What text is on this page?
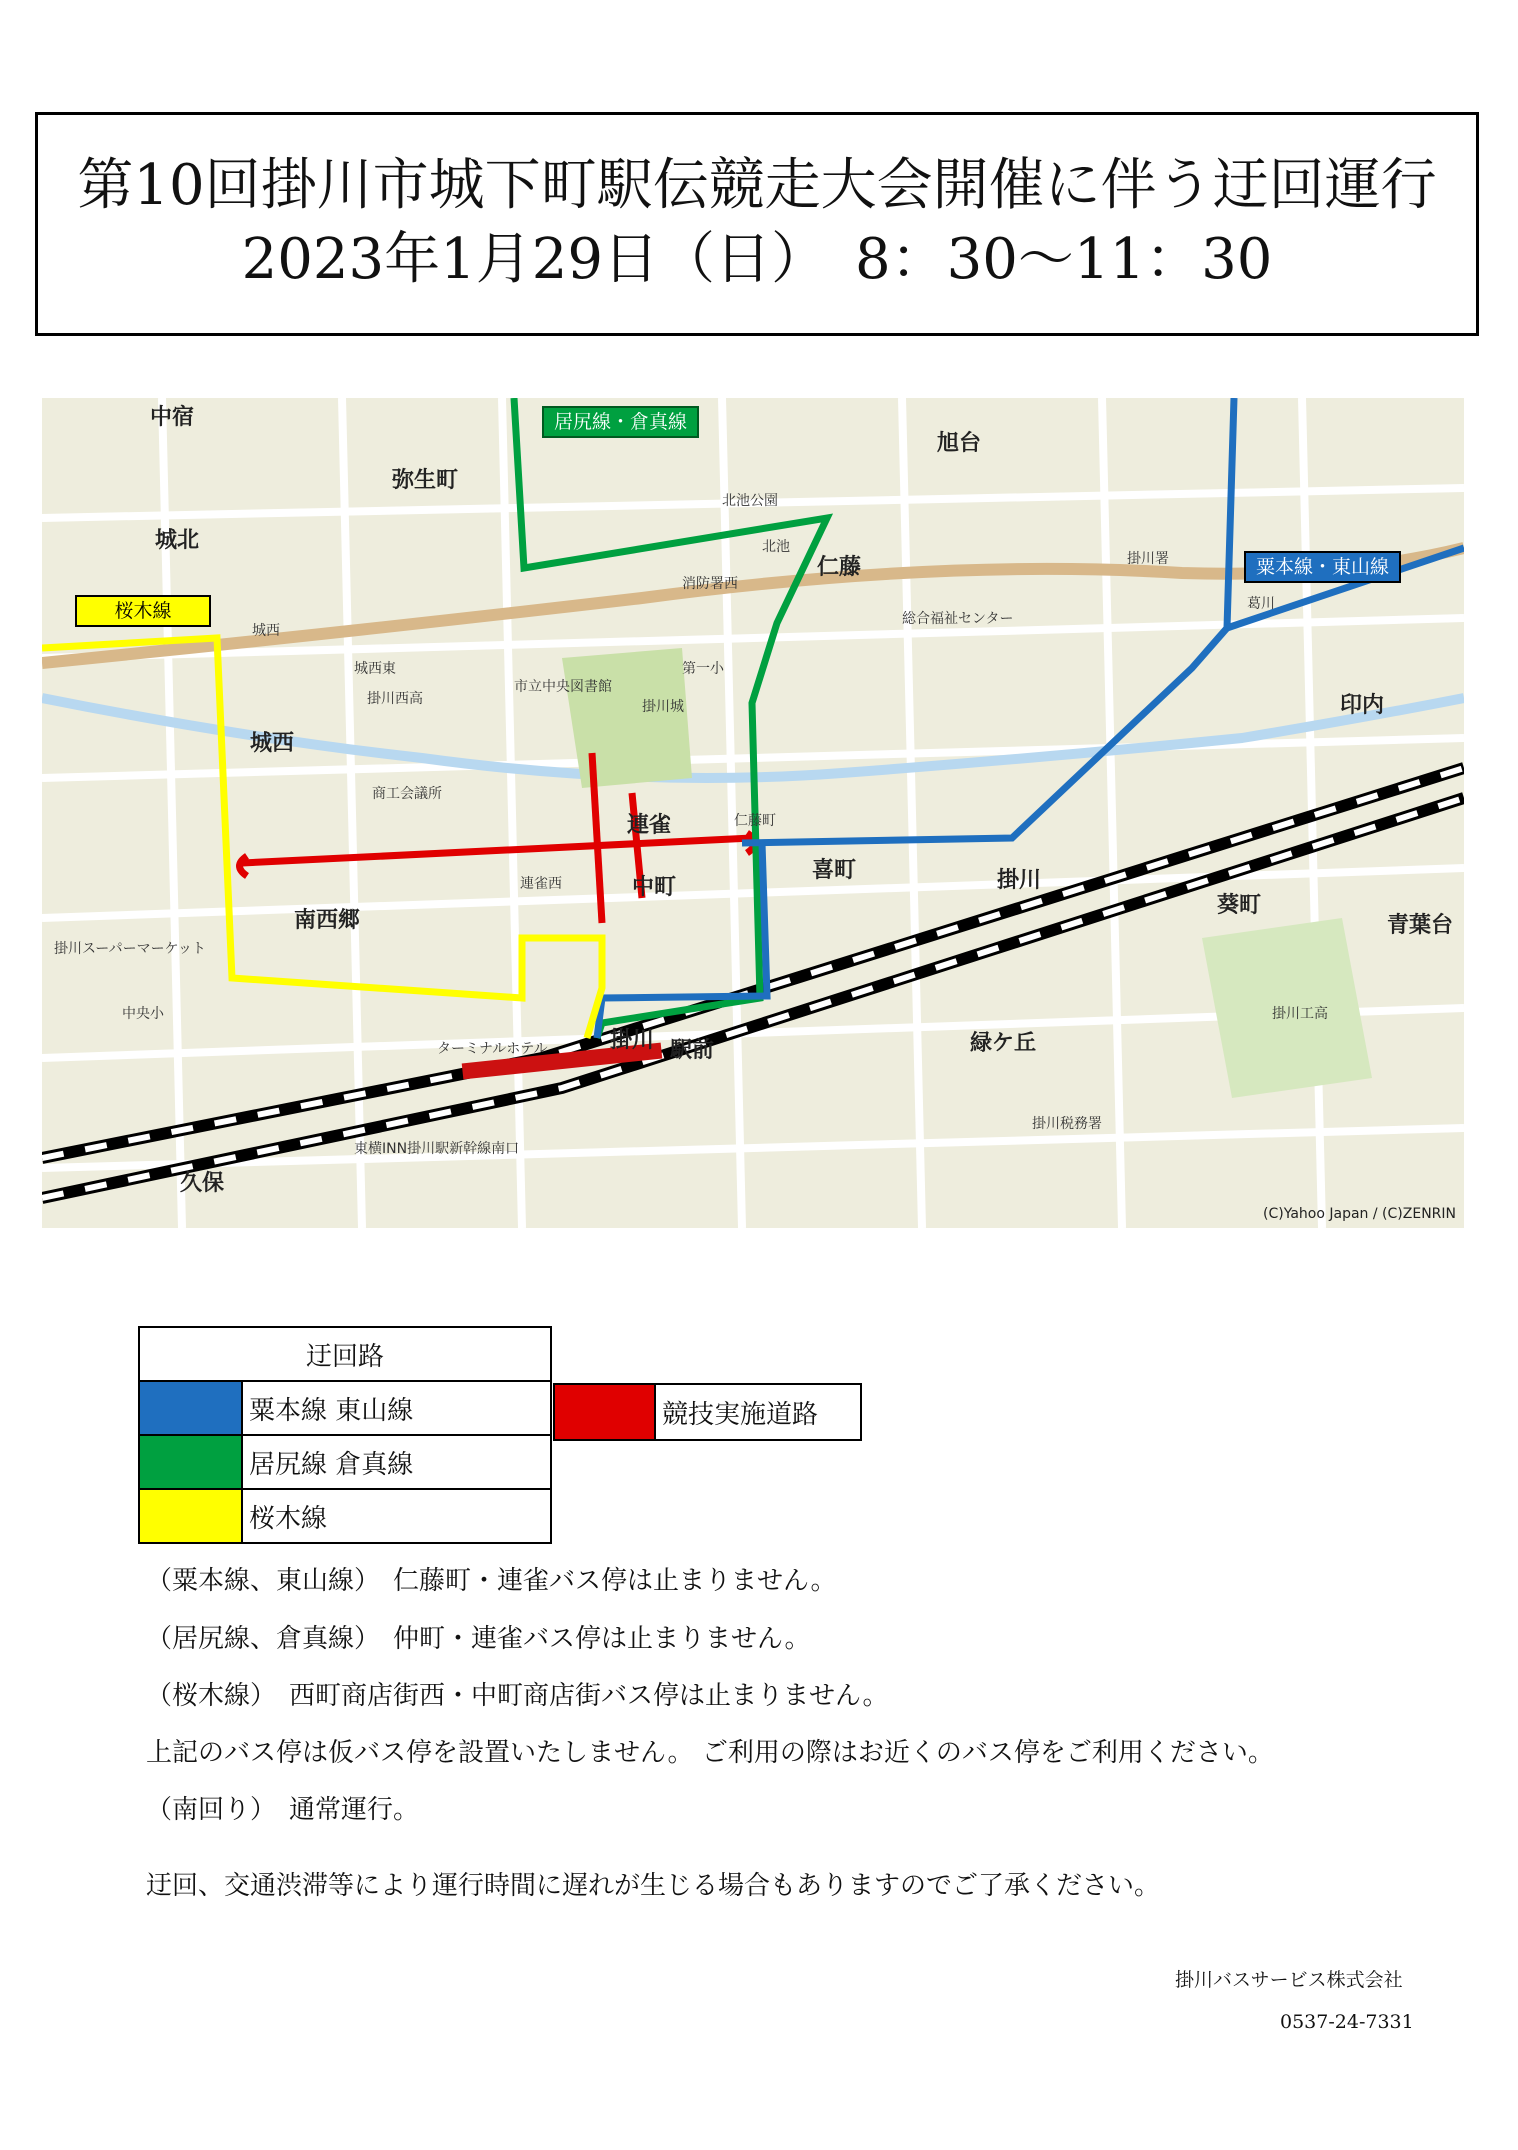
第10回掛川市城下町駅伝競走大会開催に伴う迂回運行
2023年1月29日（日）　8：30～11：30
居尻線・倉真線
桜木線
粟本線・東山線
中宿
弥生町
城北
旭台
仁藤
城西
印内
南西郷
喜町	掛川
葵町
青葉台
連雀
中町
緑ケ丘
久保
駅前
掛川
掛川署
北池公園
市立中央図書館
掛川城
第一小
掛川西高
商工会議所
総合福祉センター
掛川工高
掛川税務署
中央小
掛川スーパーマーケット
ターミナルホテル
東横INN掛川駅新幹線南口
仁藤町
城西
城西東
消防署西
北池
葛川
連雀西
(C)Yahoo Japan / (C)ZENRIN
迂回路	
	粟本線 東山線
	居尻線 倉真線
	桜木線
	競技実施道路
（粟本線、東山線）　仁藤町・連雀バス停は止まりません。
（居尻線、倉真線）　仲町・連雀バス停は止まりません。
（桜木線）　西町商店街西・中町商店街バス停は止まりません。
上記のバス停は仮バス停を設置いたしません。 ご利用の際はお近くのバス停をご利用ください。
（南回り）　通常運行。
迂回、交通渋滞等により運行時間に遅れが生じる場合もありますのでご了承ください。
掛川バスサービス株式会社
0537-24-7331
